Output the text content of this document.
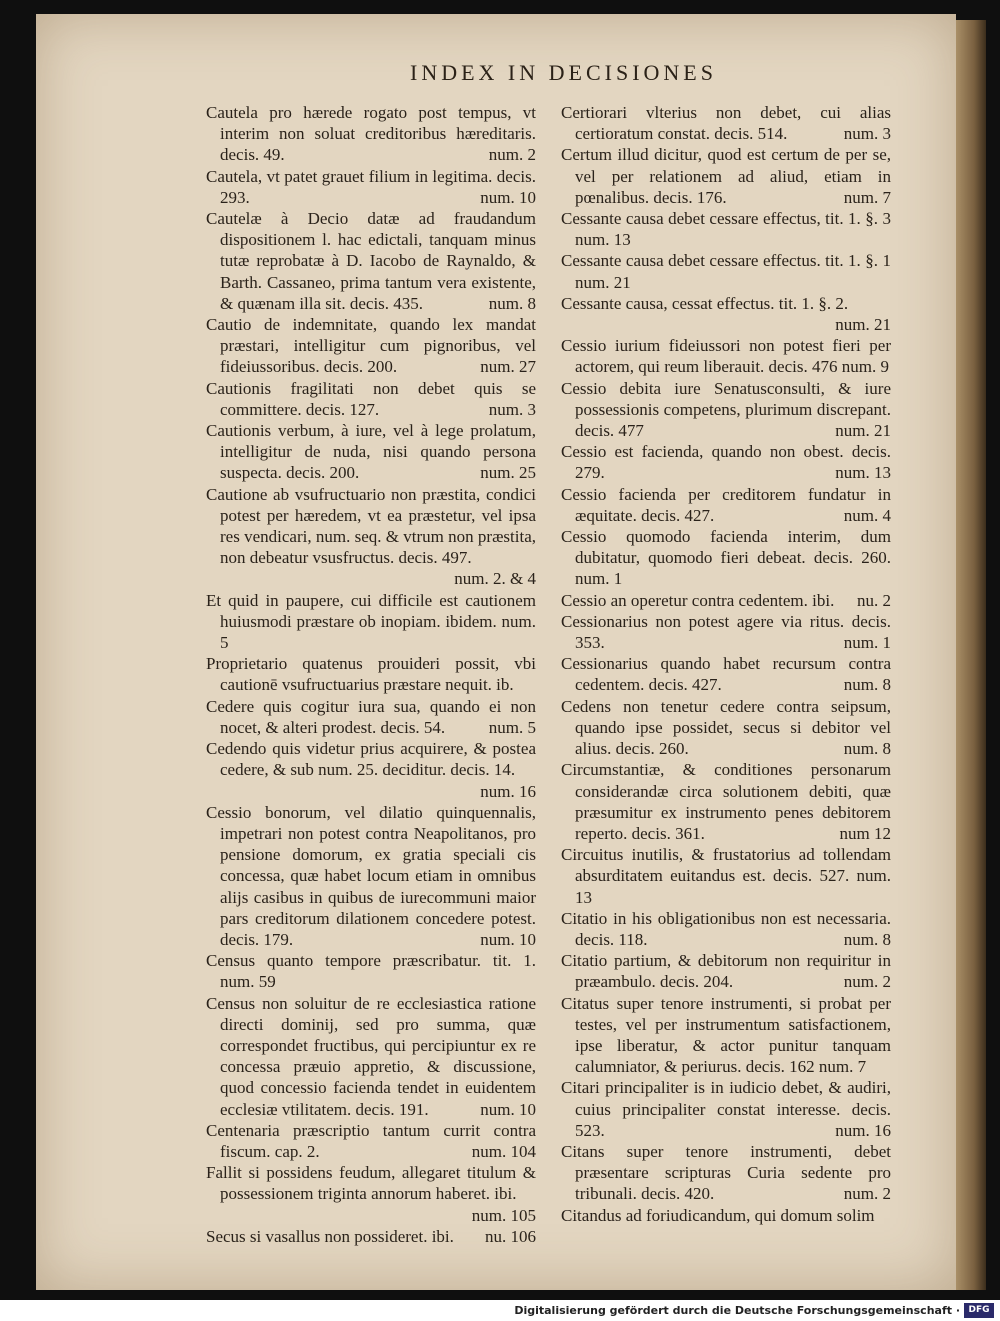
INDEX IN DECISIONES

Cautela pro hærede rogato post tempus, vt interim non soluat creditoribus hæreditaris. decis. 49.	num. 2

Cautela, vt patet grauet filium in legitima. decis. 293.	num. 10

Cautelæ à Decio datæ ad fraudandum dispositionem l. hac edictali, tanquam minus tutæ reprobatæ à D. Iacobo de Raynaldo, & Barth. Cassaneo, prima tantum vera existente, & quænam illa sit. decis. 435.	num. 8

Cautio de indemnitate, quando lex mandat præstari, intelligitur cum pignoribus, vel fideiussoribus. decis. 200.	num. 27

Cautionis fragilitati non debet quis se committere. decis. 127.	num. 3

Cautionis verbum, à iure, vel à lege prolatum, intelligitur de nuda, nisi quando persona suspecta. decis. 200.	num. 25

Cautione ab vsufructuario non præstita, condici potest per hæredem, vt ea præstetur, vel ipsa res vendicari, num. seq. & vtrum non præstita, non debeatur vsusfructus. decis. 497.
num. 2. & 4

Et quid in paupere, cui difficile est cautionem huiusmodi præstare ob inopiam. ibidem. num. 5

Proprietario quatenus prouideri possit, vbi cautionē vsufructuarius præstare nequit. ib.

Cedere quis cogitur iura sua, quando ei non nocet, & alteri prodest. decis. 54.	num. 5

Cedendo quis videtur prius acquirere, & postea cedere, & sub num. 25. deciditur. decis. 14.
num. 16

Cessio bonorum, vel dilatio quinquennalis, impetrari non potest contra Neapolitanos, pro pensione domorum, ex gratia speciali cis concessa, quæ habet locum etiam in omnibus alijs casibus in quibus de iurecommuni maior pars creditorum dilationem concedere potest. decis. 179.	num. 10

Census quanto tempore præscribatur. tit. 1. num. 59

Census non soluitur de re ecclesiastica ratione directi dominij, sed pro summa, quæ correspondet fructibus, qui percipiuntur ex re concessa præuio appretio, & discussione, quod concessio facienda tendet in euidentem ecclesiæ vtilitatem. decis. 191.	num. 10

Centenaria præscriptio tantum currit contra fiscum. cap. 2.	num. 104

Fallit si possidens feudum, allegaret titulum & possessionem triginta annorum haberet. ibi.
num. 105

Secus si vasallus non possideret. ibi. nu. 106

Certiorari vlterius non debet, cui alias certioratum constat. decis. 514.	num. 3

Certum illud dicitur, quod est certum de per se, vel per relationem ad aliud, etiam in pœnalibus. decis. 176.	num. 7

Cessante causa debet cessare effectus, tit. 1. §. 3 num. 13

Cessante causa debet cessare effectus. tit. 1. §. 1 num. 21

Cessante causa, cessat effectus. tit. 1. §. 2.
num. 21

Cessio iurium fideiussori non potest fieri per actorem, qui reum liberauit. decis. 476 num. 9

Cessio debita iure Senatusconsulti, & iure possessionis competens, plurimum discrepant. decis. 477	num. 21

Cessio est facienda, quando non obest. decis. 279.	num. 13

Cessio facienda per creditorem fundatur in æquitate. decis. 427.	num. 4

Cessio quomodo facienda interim, dum dubitatur, quomodo fieri debeat. decis. 260. num. 1

Cessio an operetur contra cedentem. ibi. nu. 2

Cessionarius non potest agere via ritus. decis. 353.	num. 1

Cessionarius quando habet recursum contra cedentem. decis. 427.	num. 8

Cedens non tenetur cedere contra seipsum, quando ipse possidet, secus si debitor vel alius. decis. 260.	num. 8

Circumstantiæ, & conditiones personarum considerandæ circa solutionem debiti, quæ præsumitur ex instrumento penes debitorem reperto. decis. 361.	num 12

Circuitus inutilis, & frustatorius ad tollendam absurditatem euitandus est. decis. 527. num. 13

Citatio in his obligationibus non est necessaria. decis. 118.	num. 8

Citatio partium, & debitorum non requiritur in præambulo. decis. 204.	num. 2

Citatus super tenore instrumenti, si probat per testes, vel per instrumentum satisfactionem, ipse liberatur, & actor punitur tanquam calumniator, & periurus. decis. 162 num. 7

Citari principaliter is in iudicio debet, & audiri, cuius principaliter constat interesse. decis. 523.	num. 16

Citans super tenore instrumenti, debet præsentare scripturas Curia sedente pro tribunali. decis. 420.	num. 2

Citandus ad foriudicandum, qui domum solim

Digitalisierung gefördert durch die Deutsche Forschungsgemeinschaft · DFG
